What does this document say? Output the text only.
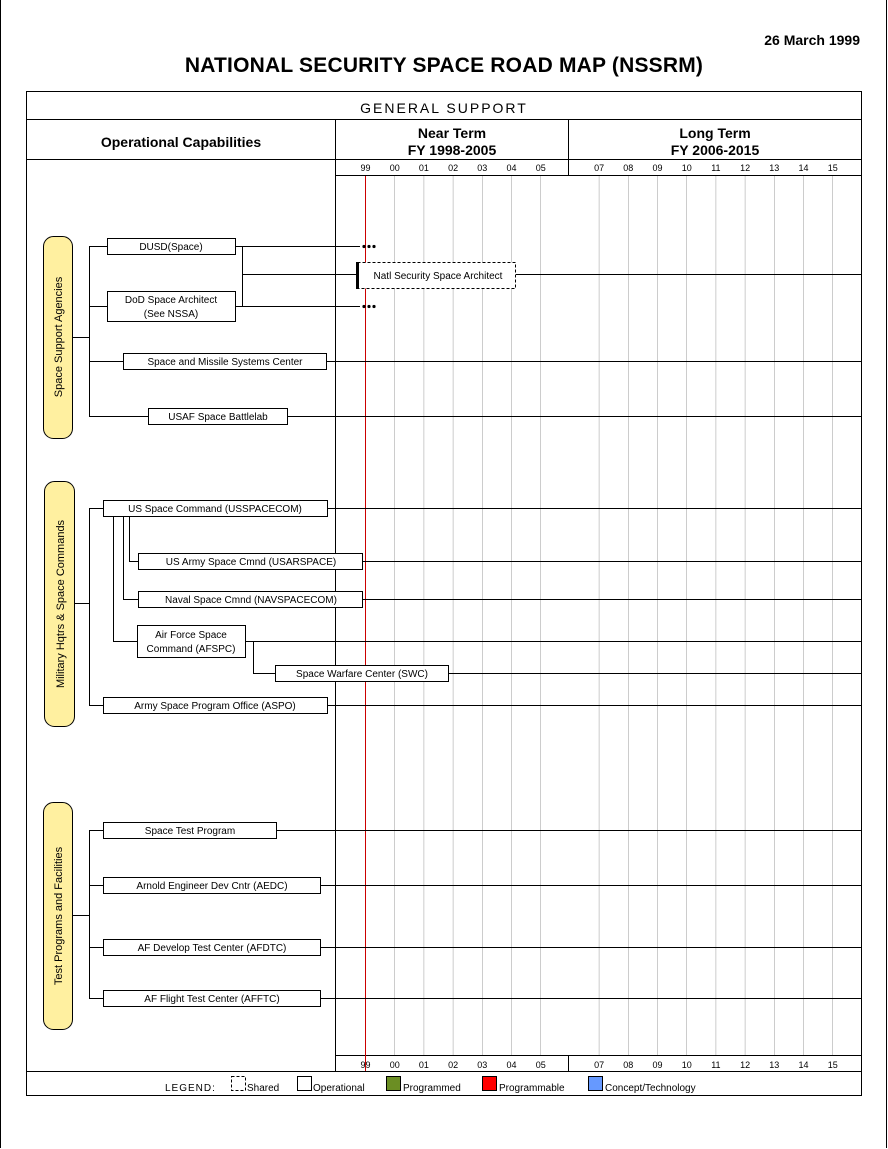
26 March 1999
NATIONAL SECURITY SPACE ROAD MAP (NSSRM)
GENERAL SUPPORT
Operational Capabilities
Near Term
FY 1998-2005
Long Term
FY 2006-2015
99
99
00
00
01
01
02
02
03
03
04
04
05
05
07
07
08
08
09
09
10
10
11
11
12
12
13
13
14
14
15
15
Space Support Agencies
DUSD(Space)
DoD Space Architect
(See NSSA)
Space and Missile Systems Center
USAF Space Battlelab
Natl Security Space Architect
Military Hqtrs & Space Commands
US Space Command (USSPACECOM)
US Army Space Cmnd (USARSPACE)
Naval Space Cmnd (NAVSPACECOM)
Air Force Space
Command (AFSPC)
Space Warfare Center (SWC)
Army Space Program Office (ASPO)
Test Programs and Facilities
Space Test Program
Arnold Engineer Dev Cntr (AEDC)
AF Develop Test Center (AFDTC)
AF Flight Test Center (AFFTC)
LEGEND:	Shared	Operational	Programmed	Programmable	Concept/Technology
